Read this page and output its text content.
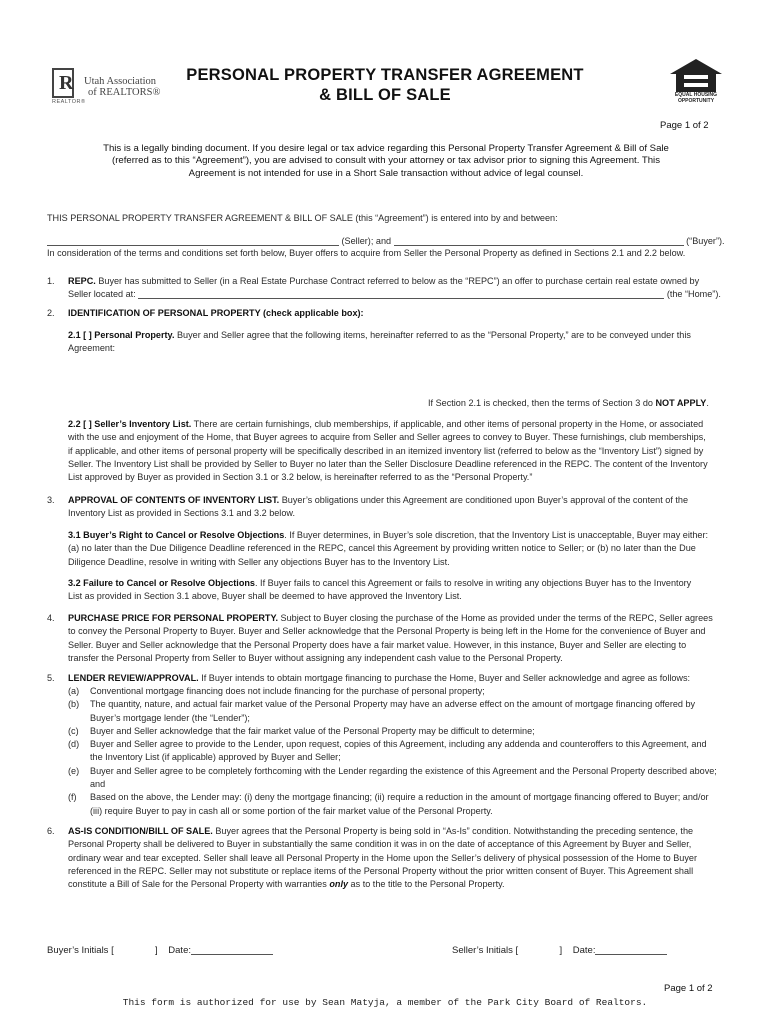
R Utah Association
of REALTORS®
REALTOR®
PERSONAL PROPERTY TRANSFER AGREEMENT
& BILL OF SALE	EQUAL HOUSING
OPPORTUNITY
Page 1 of 2
This is a legally binding document. If you desire legal or tax advice regarding this Personal Property Transfer Agreement & Bill of Sale
(referred as to this “Agreement”), you are advised to consult with your attorney or tax advisor prior to signing this Agreement. This
Agreement is not intended for use in a Short Sale transaction without advice of legal counsel.
THIS PERSONAL PROPERTY TRANSFER AGREEMENT & BILL OF SALE (this “Agreement”) is entered into by and between:
(Seller); and	(“Buyer”).
In consideration of the terms and conditions set forth below, Buyer offers to acquire from Seller the Personal Property as defined in Sections 2.1 and 2.2 below.
1.	REPC. Buyer has submitted to Seller (in a Real Estate Purchase Contract referred to below as the “REPC”) an offer to purchase certain real estate owned by
Seller located at:	(the “Home”).
2.	IDENTIFICATION OF PERSONAL PROPERTY (check applicable box):
2.1 [ ] Personal Property. Buyer and Seller agree that the following items, hereinafter referred to as the “Personal Property,” are to be conveyed under this
Agreement:
If Section 2.1 is checked, then the terms of Section 3 do NOT APPLY.
2.2 [ ] Seller’s Inventory List. There are certain furnishings, club memberships, if applicable, and other items of personal property in the Home, or associated
with the use and enjoyment of the Home, that Buyer agrees to acquire from Seller and Seller agrees to convey to Buyer. These furnishings, club memberships,
if applicable, and other items of personal property will be specifically described in an itemized inventory list (referred to below as the “Inventory List”) signed by
Seller. The Inventory List shall be provided by Seller to Buyer no later than the Seller Disclosure Deadline referenced in the REPC. The content of the Inventory
List approved by Buyer as provided in Section 3.1 or 3.2 below, is hereinafter referred to as the “Personal Property.”
3.	APPROVAL OF CONTENTS OF INVENTORY LIST. Buyer’s obligations under this Agreement are conditioned upon Buyer’s approval of the content of the
Inventory List as provided in Sections 3.1 and 3.2 below.
3.1 Buyer’s Right to Cancel or Resolve Objections. If Buyer determines, in Buyer’s sole discretion, that the Inventory List is unacceptable, Buyer may either:
(a) no later than the Due Diligence Deadline referenced in the REPC, cancel this Agreement by providing written notice to Seller; or (b) no later than the Due
Diligence Deadline, resolve in writing with Seller any objections Buyer has to the Inventory List.
3.2 Failure to Cancel or Resolve Objections. If Buyer fails to cancel this Agreement or fails to resolve in writing any objections Buyer has to the Inventory
List as provided in Section 3.1 above, Buyer shall be deemed to have approved the Inventory List.
4.	PURCHASE PRICE FOR PERSONAL PROPERTY. Subject to Buyer closing the purchase of the Home as provided under the terms of the REPC, Seller agrees
to convey the Personal Property to Buyer. Buyer and Seller acknowledge that the Personal Property is being left in the Home for the convenience of Buyer and
Seller. Buyer and Seller acknowledge that the Personal Property does have a fair market value. However, in this instance, Buyer and Seller are electing to
transfer the Personal Property from Seller to Buyer without assigning any independent cash value to the Personal Property.
5.	LENDER REVIEW/APPROVAL. If Buyer intends to obtain mortgage financing to purchase the Home, Buyer and Seller acknowledge and agree as follows:
(a)	Conventional mortgage financing does not include financing for the purchase of personal property;
(b)	The quantity, nature, and actual fair market value of the Personal Property may have an adverse effect on the amount of mortgage financing offered by
Buyer’s mortgage lender (the “Lender”);
(c)	Buyer and Seller acknowledge that the fair market value of the Personal Property may be difficult to determine;
(d)	Buyer and Seller agree to provide to the Lender, upon request, copies of this Agreement, including any addenda and counteroffers to this Agreement, and
the Inventory List (if applicable) approved by Buyer and Seller;
(e)	Buyer and Seller agree to be completely forthcoming with the Lender regarding the existence of this Agreement and the Personal Property described above;
and
(f)	Based on the above, the Lender may: (i) deny the mortgage financing; (ii) require a reduction in the amount of mortgage financing offered to Buyer; and/or
(iii) require Buyer to pay in cash all or some portion of the fair market value of the Personal Property.
6.	AS-IS CONDITION/BILL OF SALE. Buyer agrees that the Personal Property is being sold in “As-Is” condition. Notwithstanding the preceding sentence, the
Personal Property shall be delivered to Buyer in substantially the same condition it was in on the date of acceptance of this Agreement by Buyer and Seller,
ordinary wear and tear excepted. Seller shall leave all Personal Property in the Home upon the Seller’s delivery of physical possession of the Home to Buyer
referenced in the REPC. Seller may not substitute or replace items of the Personal Property without the prior written consent of Buyer. This Agreement shall
constitute a Bill of Sale for the Personal Property with warranties only as to the title to the Personal Property.
Buyer’s Initials [	] Date:	Seller’s Initials [	] Date:
Page 1 of 2
This form is authorized for use by Sean Matyja, a member of the Park City Board of Realtors.
